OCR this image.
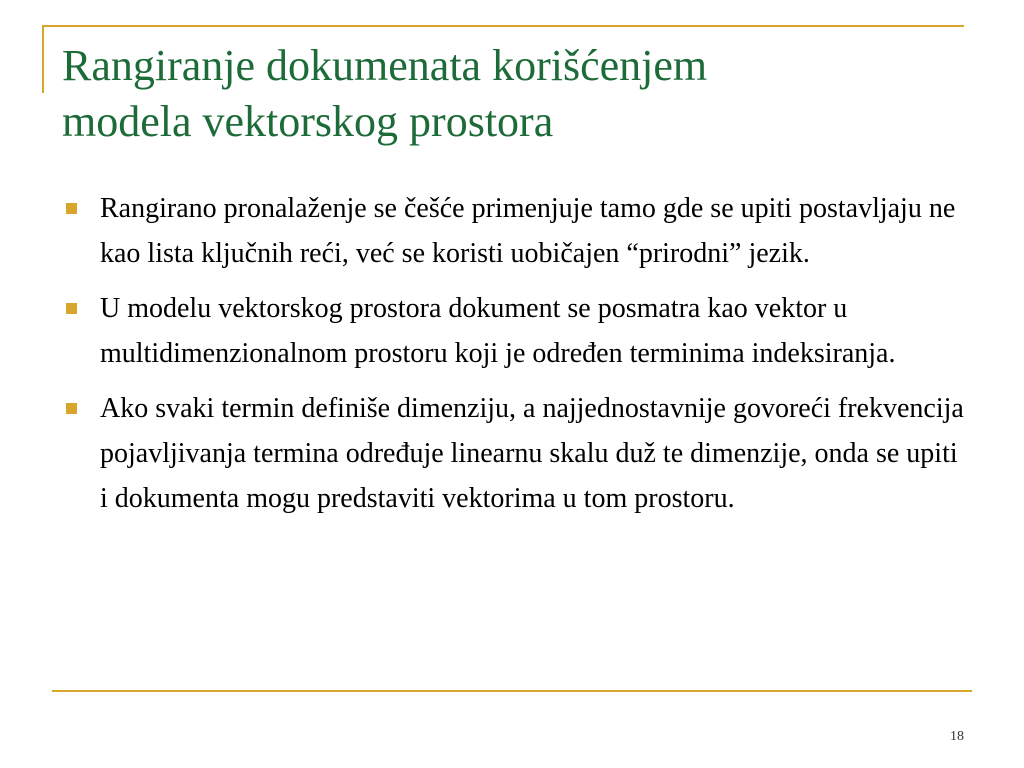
Rangiranje dokumenata korišćenjem
modela vektorskog prostora
Rangirano pronalaženje se češće primenjuje tamo gde se upiti postavljaju ne kao lista ključnih reći, već se koristi uobičajen “prirodni” jezik.
U modelu vektorskog prostora dokument se posmatra kao vektor u multidimenzionalnom prostoru koji je određen terminima indeksiranja.
Ako svaki termin definiše dimenziju, a najjednostavnije govoreći frekvencija pojavljivanja termina određuje linearnu skalu duž te dimenzije, onda se upiti i dokumenta mogu predstaviti vektorima u tom prostoru.
18
